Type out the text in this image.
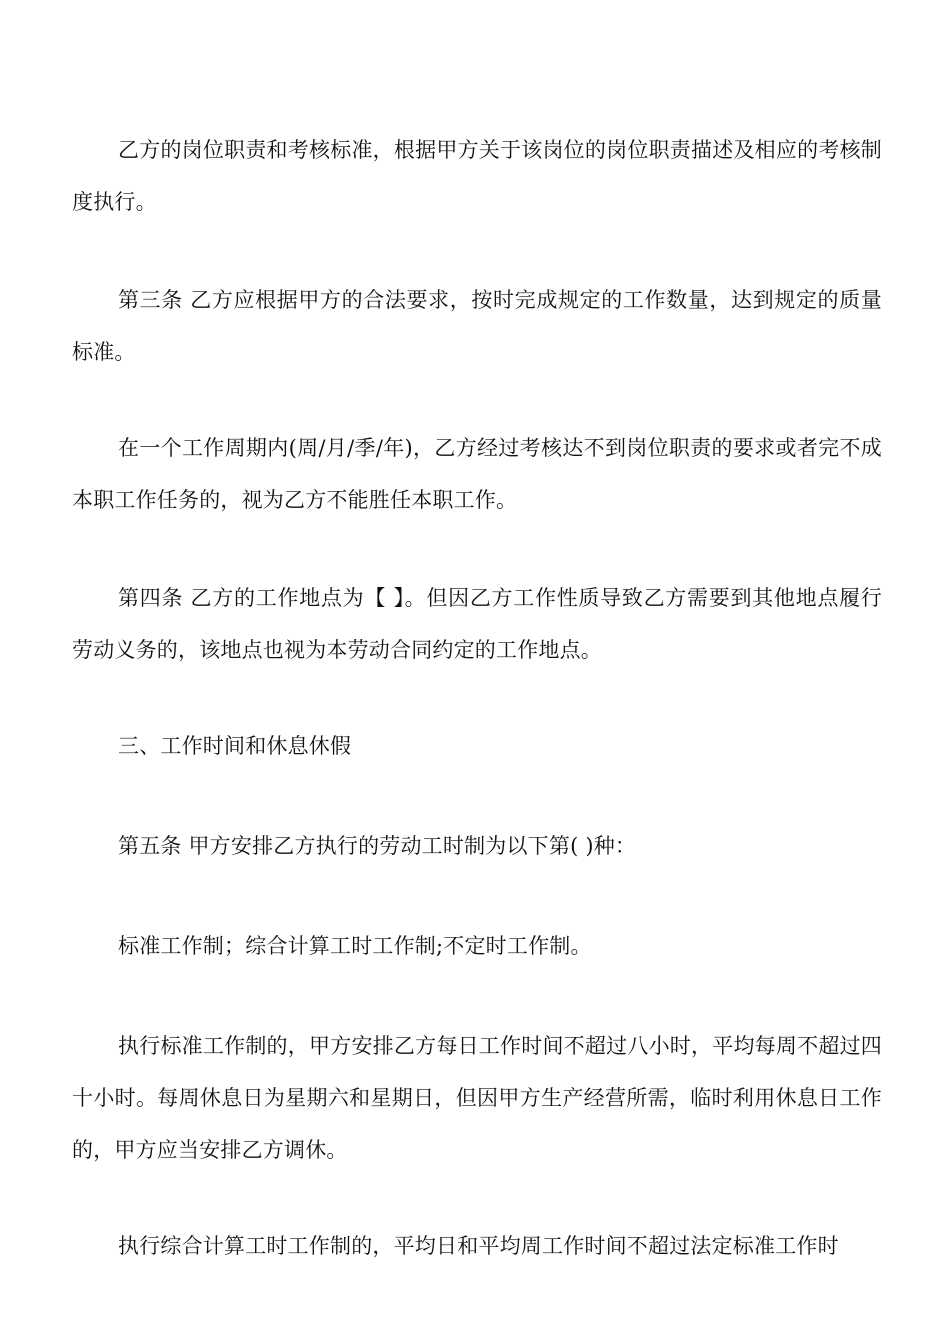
乙方的岗位职责和考核标准，根据甲方关于该岗位的岗位职责描述及相应的考核制度执行。

第三条 乙方应根据甲方的合法要求，按时完成规定的工作数量，达到规定的质量标准。

在一个工作周期内(周/月/季/年)，乙方经过考核达不到岗位职责的要求或者完不成本职工作任务的，视为乙方不能胜任本职工作。

第四条 乙方的工作地点为【 】。但因乙方工作性质导致乙方需要到其他地点履行劳动义务的，该地点也视为本劳动合同约定的工作地点。

三、工作时间和休息休假

第五条 甲方安排乙方执行的劳动工时制为以下第( )种：

标准工作制；综合计算工时工作制;不定时工作制。

执行标准工作制的，甲方安排乙方每日工作时间不超过八小时，平均每周不超过四十小时。每周休息日为星期六和星期日，但因甲方生产经营所需，临时利用休息日工作的，甲方应当安排乙方调休。

执行综合计算工时工作制的，平均日和平均周工作时间不超过法定标准工作时
